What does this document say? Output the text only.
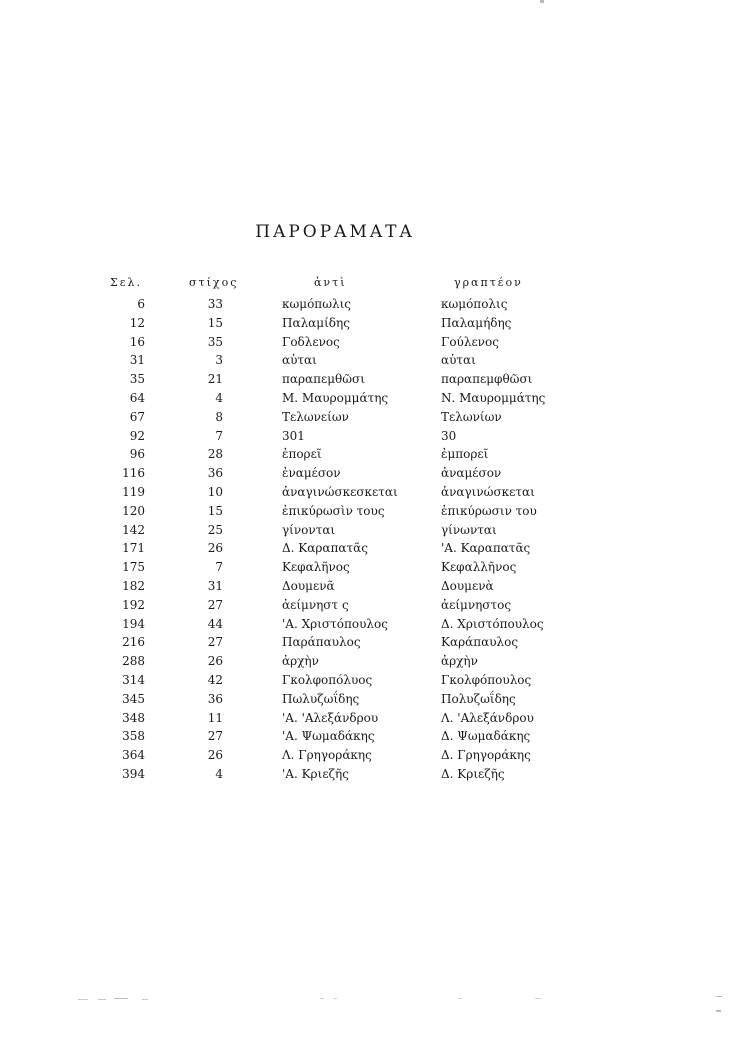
ΠΑΡΟΡΑΜΑΤΑ
Σελ.	στίχος	ἀντὶ	γραπτέον
6	33	κωμόπωλις	κωμόπολις
12	15	Παλαμίδης	Παλαμήδης
16	35	Γοδλενος	Γούλενος
31	3	αὐται	αὐται
35	21	παραπεμθῶσι	παραπεμφθῶσι
64	4	Μ. Μαυρομμάτης	Ν. Μαυρομμάτης
67	8	Τελωνείων	Τελωνίων
92	7	301	30
96	28	ἐπορεῖ	ἐμπορεῖ
116	36	ἐναμέσον	ἀναμέσον
119	10	ἀναγινώσκεσκεται	ἀναγινώσκεται
120	15	ἐπικύρωσὶν τους	ἐπικύρωσιν του
142	25	γίνονται	γίνωνται
171	26	Δ. Καραπατᾶς	'Α. Καραπατᾶς
175	7	Κεφαλῆνος	Κεφαλλῆνος
182	31	Δουμενᾶ	Δουμενὰ
192	27	ἀείμνηστ ς	ἀείμνηστος
194	44	'Α. Χριστόπουλος	Δ. Χριστόπουλος
216	27	Παράπαυλος	Καράπαυλος
288	26	ἀρχὴν	ἀρχὴν
314	42	Γκολφοπόλυος	Γκολφόπουλος
345	36	Πωλυζωΐδης	Πολυζωΐδης
348	11	'Α. 'Αλεξάνδρου	Λ. 'Αλεξάνδρου
358	27	'Α. Ψωμαδάκης	Δ. Ψωμαδάκης
364	26	Λ. Γρηγοράκης	Δ. Γρηγοράκης
394	4	'Α. Κριεζῆς	Δ. Κριεζῆς
